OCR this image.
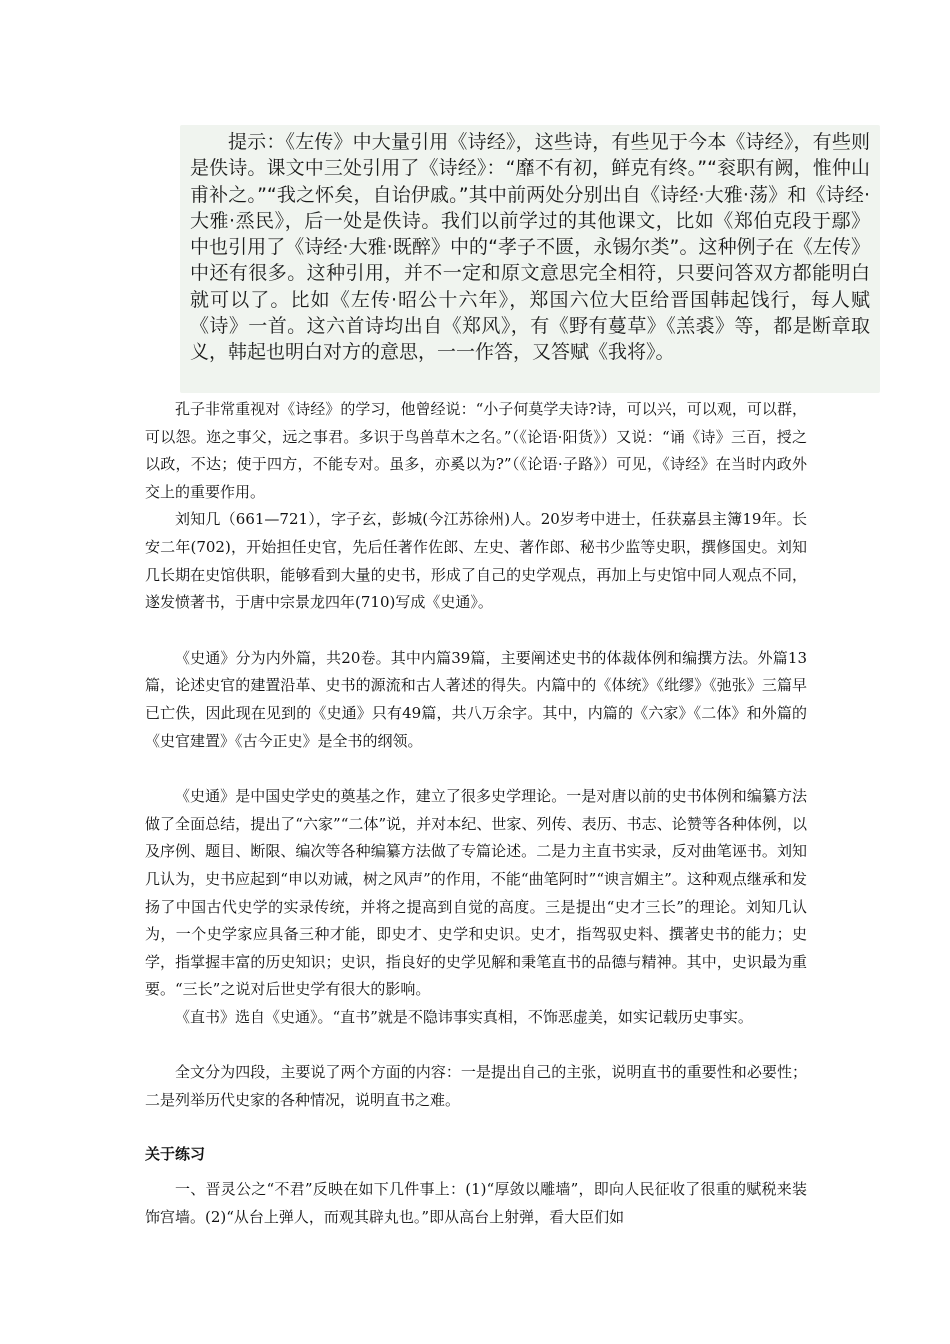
提示：《左传》中大量引用《诗经》，这些诗，有些见于今本《诗经》，有些则是佚诗。课文中三处引用了《诗经》：“靡不有初，鲜克有终。”“衮职有阙，惟仲山甫补之。”“我之怀矣，自诒伊戚。”其中前两处分别出自《诗经·大雅·荡》和《诗经·大雅·烝民》，后一处是佚诗。我们以前学过的其他课文，比如《郑伯克段于鄢》中也引用了《诗经·大雅·既醉》中的“孝子不匮，永锡尔类”。这种例子在《左传》中还有很多。这种引用，并不一定和原文意思完全相符，只要问答双方都能明白就可以了。比如《左传·昭公十六年》，郑国六位大臣给晋国韩起饯行，每人赋《诗》一首。这六首诗均出自《郑风》，有《野有蔓草》《羔裘》等，都是断章取义，韩起也明白对方的意思，一一作答，又答赋《我将》。

孔子非常重视对《诗经》的学习，他曾经说：“小子何莫学夫诗?诗，可以兴，可以观，可以群，可以怨。迩之事父，远之事君。多识于鸟兽草木之名。”（《论语·阳货》）又说：“诵《诗》三百，授之以政，不达；使于四方，不能专对。虽多，亦奚以为?”（《论语·子路》）可见，《诗经》在当时内政外交上的重要作用。

刘知几（661—721），字子玄，彭城(今江苏徐州)人。20岁考中进士，任获嘉县主簿19年。长安二年(702)，开始担任史官，先后任著作佐郎、左史、著作郎、秘书少监等史职，撰修国史。刘知几长期在史馆供职，能够看到大量的史书，形成了自己的史学观点，再加上与史馆中同人观点不同，遂发愤著书，于唐中宗景龙四年(710)写成《史通》。

《史通》分为内外篇，共20卷。其中内篇39篇，主要阐述史书的体裁体例和编撰方法。外篇13篇，论述史官的建置沿革、史书的源流和古人著述的得失。内篇中的《体统》《纰缪》《弛张》三篇早已亡佚，因此现在见到的《史通》只有49篇，共八万余字。其中，内篇的《六家》《二体》和外篇的《史官建置》《古今正史》是全书的纲领。

《史通》是中国史学史的奠基之作，建立了很多史学理论。一是对唐以前的史书体例和编纂方法做了全面总结，提出了“六家”“二体”说，并对本纪、世家、列传、表历、书志、论赞等各种体例，以及序例、题目、断限、编次等各种编纂方法做了专篇论述。二是力主直书实录，反对曲笔诬书。刘知几认为，史书应起到“申以劝诫，树之风声”的作用，不能“曲笔阿时”“谀言媚主”。这种观点继承和发扬了中国古代史学的实录传统，并将之提高到自觉的高度。三是提出“史才三长”的理论。刘知几认为，一个史学家应具备三种才能，即史才、史学和史识。史才，指驾驭史料、撰著史书的能力；史学，指掌握丰富的历史知识；史识，指良好的史学见解和秉笔直书的品德与精神。其中，史识最为重要。“三长”之说对后世史学有很大的影响。

《直书》选自《史通》。“直书”就是不隐讳事实真相，不饰恶虚美，如实记载历史事实。

全文分为四段，主要说了两个方面的内容：一是提出自己的主张，说明直书的重要性和必要性；二是列举历代史家的各种情况，说明直书之难。

关于练习

一、晋灵公之“不君”反映在如下几件事上：(1)“厚敛以雕墙”，即向人民征收了很重的赋税来装饰宫墙。(2)“从台上弹人，而观其辟丸也。”即从高台上射弹，看大臣们如
